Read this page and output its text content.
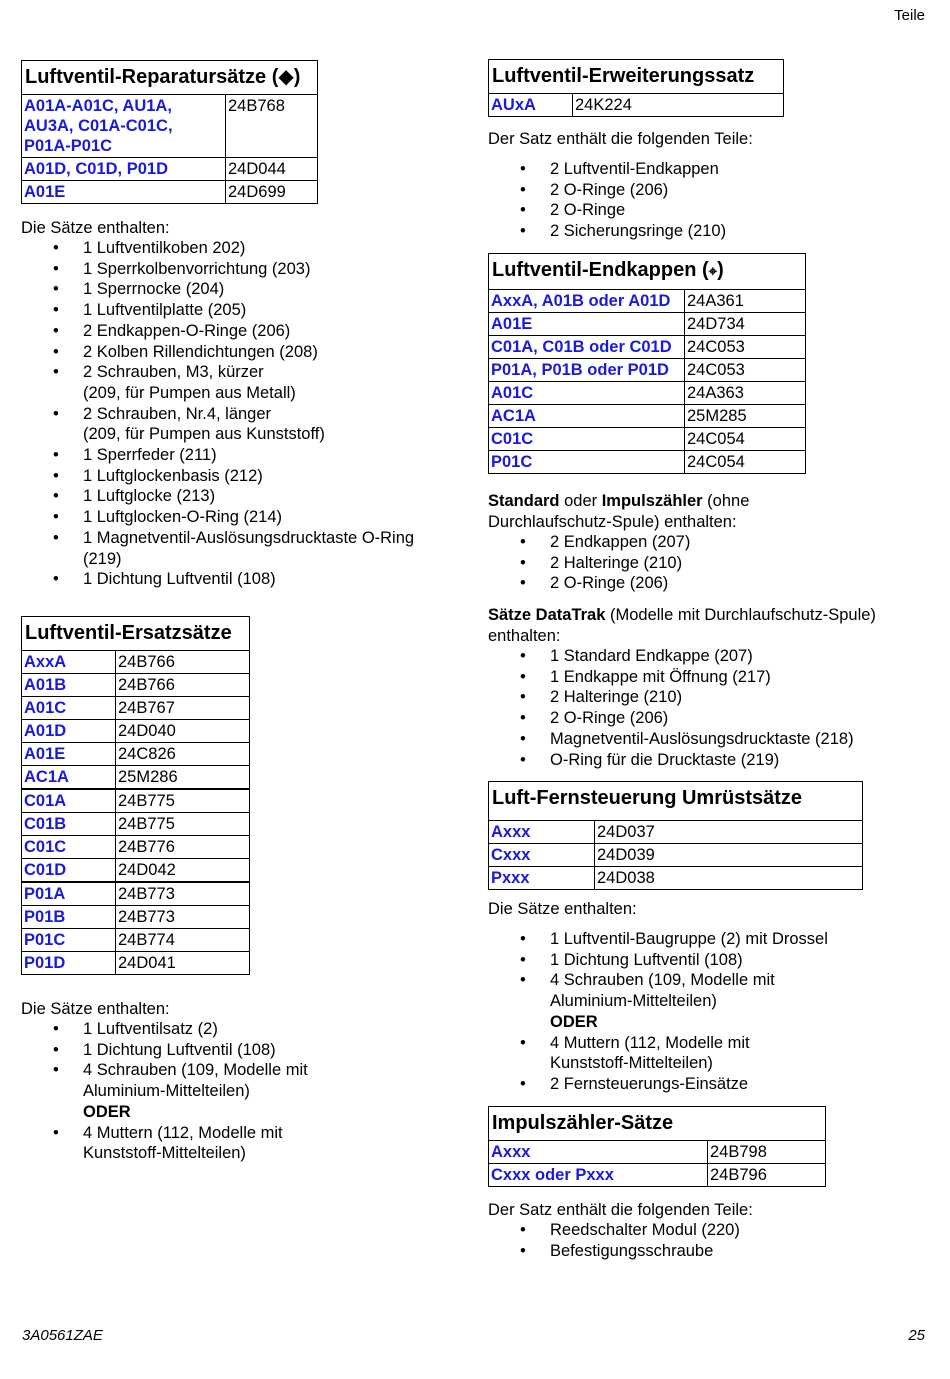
Teile
Luftventil-Reparatursätze (◆)	
A01A-A01C, AU1A, AU3A, C01A-C01C, P01A-P01C	24B768
A01D, C01D, P01D	24D044
A01E	24D699
Die Sätze enthalten:
• 1 Luftventilkoben 202)
• 1 Sperrkolbenvorrichtung (203)
• 1 Sperrnocke (204)
• 1 Luftventilplatte (205)
• 2 Endkappen-O-Ringe (206)
• 2 Kolben Rillendichtungen (208)
• 2 Schrauben, M3, kürzer
(209, für Pumpen aus Metall)
• 2 Schrauben, Nr.4, länger
(209, für Pumpen aus Kunststoff)
• 1 Sperrfeder (211)
• 1 Luftglockenbasis (212)
• 1 Luftglocke (213)
• 1 Luftglocken-O-Ring (214)
• 1 Magnetventil-Auslösungsdrucktaste O-Ring
(219)
• 1 Dichtung Luftventil (108)
Luftventil-Ersatzsätze	
AxxA	24B766
A01B	24B766
A01C	24B767
A01D	24D040
A01E	24C826
AC1A	25M286
C01A	24B775
C01B	24B775
C01C	24B776
C01D	24D042
P01A	24B773
P01B	24B773
P01C	24B774
P01D	24D041
Die Sätze enthalten:
• 1 Luftventilsatz (2)
• 1 Dichtung Luftventil (108)
• 4 Schrauben (109, Modelle mit
Aluminium-Mittelteilen)
ODER
• 4 Muttern (112, Modelle mit
Kunststoff-Mittelteilen)
Luftventil-Erweiterungssatz
AUxA	24K224
Der Satz enthält die folgenden Teile:
• 2 Luftventil-Endkappen
• 2 O-Ringe (206)
• 2 O-Ringe
• 2 Sicherungsringe (210)
Luftventil-Endkappen (⌖)	
AxxA, A01B oder A01D	24A361
A01E	24D734
C01A, C01B oder C01D	24C053
P01A, P01B oder P01D	24C053
A01C	24A363
AC1A	25M285
C01C	24C054
P01C	24C054
Standard oder Impulszähler (ohne
Durchlaufschutz-Spule) enthalten:
• 2 Endkappen (207)
• 2 Halteringe (210)
• 2 O-Ringe (206)
Sätze DataTrak (Modelle mit Durchlaufschutz-Spule)
enthalten:
• 1 Standard Endkappe (207)
• 1 Endkappe mit Öffnung (217)
• 2 Halteringe (210)
• 2 O-Ringe (206)
• Magnetventil-Auslösungsdrucktaste (218)
• O-Ring für die Drucktaste (219)
Luft-Fernsteuerung Umrüstsätze	
Axxx	24D037
Cxxx	24D039
Pxxx	24D038
Die Sätze enthalten:
• 1 Luftventil-Baugruppe (2) mit Drossel
• 1 Dichtung Luftventil (108)
• 4 Schrauben (109, Modelle mit
Aluminium-Mittelteilen)
ODER
• 4 Muttern (112, Modelle mit
Kunststoff-Mittelteilen)
• 2 Fernsteuerungs-Einsätze
Impulszähler-Sätze	
Axxx	24B798
Cxxx oder Pxxx	24B796
Der Satz enthält die folgenden Teile:
• Reedschalter Modul (220)
• Befestigungsschraube
3A0561ZAE	25
